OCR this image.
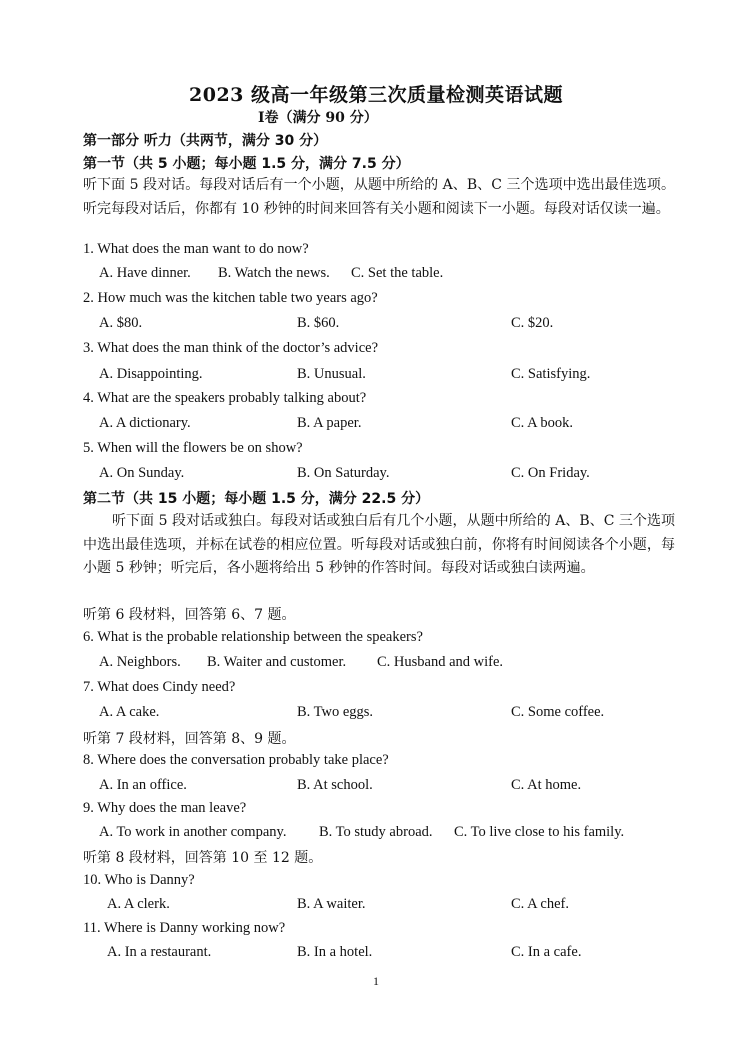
2023 级高一年级第三次质量检测英语试题
Ⅰ卷（满分 90 分）
第一部分 听力（共两节，满分 30 分）
第一节（共 5 小题；每小题 1.5 分，满分 7.5 分）
听下面 5 段对话。每段对话后有一个小题，从题中所给的 A、B、C 三个选项中选出最佳选项。听完每段对话后，你都有 10 秒钟的时间来回答有关小题和阅读下一小题。每段对话仅读一遍。
1. What does the man want to do now?
A. Have dinner. B. Watch the news. C. Set the table.
2. How much was the kitchen table two years ago?
A. $80.	B. $60.	C. $20.
3. What does the man think of the doctor’s advice?
A. Disappointing.	B. Unusual.	C. Satisfying.
4. What are the speakers probably talking about?
A. A dictionary.	B. A paper.	C. A book.
5. When will the flowers be on show?
A. On Sunday.	B. On Saturday.	C. On Friday.
第二节（共 15 小题；每小题 1.5 分，满分 22.5 分）
听下面 5 段对话或独白。每段对话或独白后有几个小题，从题中所给的 A、B、C 三个选项中选出最佳选项，并标在试卷的相应位置。听每段对话或独白前，你将有时间阅读各个小题，每小题 5 秒钟；听完后，各小题将给出 5 秒钟的作答时间。每段对话或独白读两遍。
听第 6 段材料，回答第 6、7 题。
6. What is the probable relationship between the speakers?
A. Neighbors. B. Waiter and customer. C. Husband and wife.
7. What does Cindy need?
A. A cake.	B. Two eggs.	C. Some coffee.
听第 7 段材料，回答第 8、9 题。
8. Where does the conversation probably take place?
A. In an office.	B. At school.	C. At home.
9. Why does the man leave?
A. To work in another company. B. To study abroad. C. To live close to his family.
听第 8 段材料，回答第 10 至 12 题。
10. Who is Danny?
A. A clerk.	B. A waiter.	C. A chef.
11. Where is Danny working now?
A. In a restaurant.	B. In a hotel.	C. In a cafe.
1
